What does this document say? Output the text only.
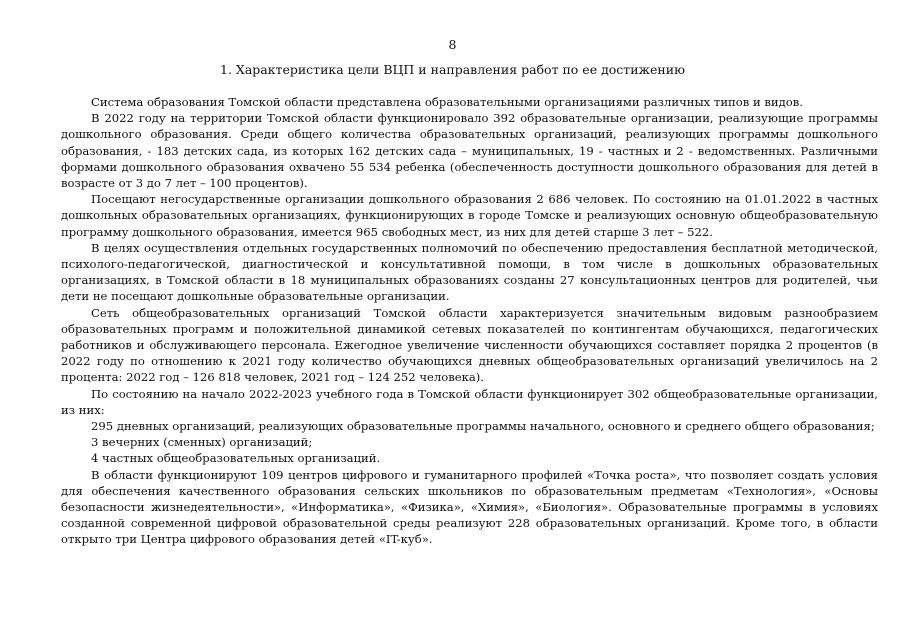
8
1. Характеристика цели ВЦП и направления работ по ее достижению

Система образования Томской области представлена образовательными организациями различных типов и видов.

В 2022 году на территории Томской области функционировало 392 образовательные организации, реализующие программы дошкольного образования. Среди общего количества образовательных организаций, реализующих программы дошкольного образования, - 183 детских сада, из которых 162 детских сада – муниципальных, 19 - частных и 2 - ведомственных. Различными формами дошкольного образования охвачено 55 534 ребенка (обеспеченность доступности дошкольного образования для детей в возрасте от 3 до 7 лет – 100 процентов).

Посещают негосударственные организации дошкольного образования 2 686 человек. По состоянию на 01.01.2022 в частных дошкольных образовательных организациях, функционирующих в городе Томске и реализующих основную общеобразовательную программу дошкольного образования, имеется 965 свободных мест, из них для детей старше 3 лет – 522.

В целях осуществления отдельных государственных полномочий по обеспечению предоставления бесплатной методической, психолого-педагогической, диагностической и консультативной помощи, в том числе в дошкольных образовательных организациях, в Томской области в 18 муниципальных образованиях созданы 27 консультационных центров для родителей, чьи дети не посещают дошкольные образовательные организации.

Сеть общеобразовательных организаций Томской области характеризуется значительным видовым разнообразием образовательных программ и положительной динамикой сетевых показателей по контингентам обучающихся, педагогических работников и обслуживающего персонала. Ежегодное увеличение численности обучающихся составляет порядка 2 процентов (в 2022 году по отношению к 2021 году количество обучающихся дневных общеобразовательных организаций увеличилось на 2 процента: 2022 год – 126 818 человек, 2021 год – 124 252 человека).

По состоянию на начало 2022-2023 учебного года в Томской области функционирует 302 общеобразовательные организации, из них:

295 дневных организаций, реализующих образовательные программы начального, основного и среднего общего образования;

3 вечерних (сменных) организаций;

4 частных общеобразовательных организаций.

В области функционируют 109 центров цифрового и гуманитарного профилей «Точка роста», что позволяет создать условия для обеспечения качественного образования сельских школьников по образовательным предметам «Технология», «Основы безопасности жизнедеятельности», «Информатика», «Физика», «Химия», «Биология». Образовательные программы в условиях созданной современной цифровой образовательной среды реализуют 228 образовательных организаций. Кроме того, в области открыто три Центра цифрового образования детей «IT-куб».
